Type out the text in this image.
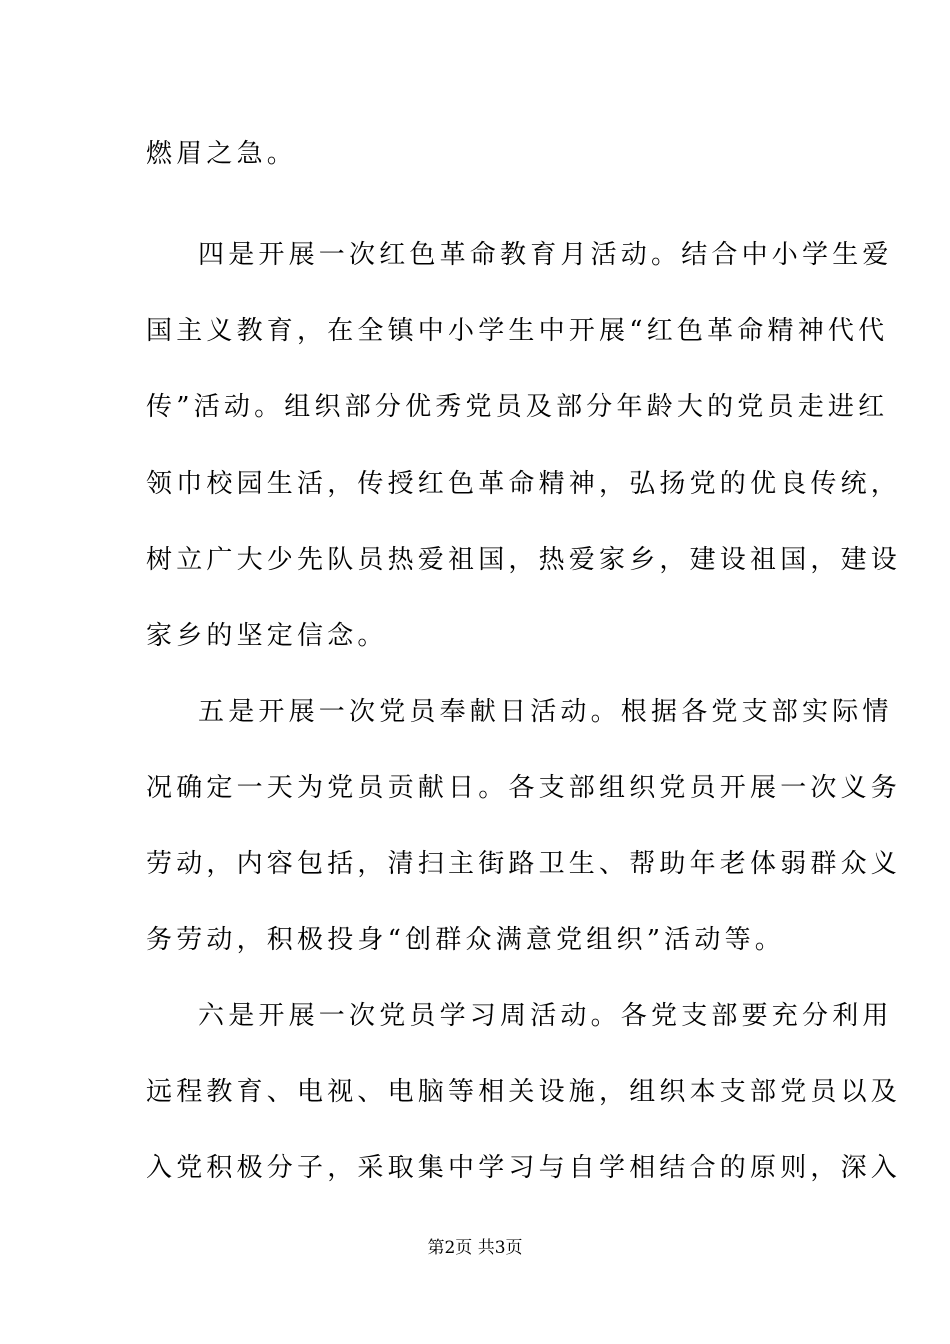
燃眉之急。
四是开展一次红色革命教育月活动。结合中小学生爱
国主义教育，在全镇中小学生中开展“红色革命精神代代
传”活动。组织部分优秀党员及部分年龄大的党员走进红
领巾校园生活，传授红色革命精神，弘扬党的优良传统，
树立广大少先队员热爱祖国，热爱家乡，建设祖国，建设
家乡的坚定信念。
五是开展一次党员奉献日活动。根据各党支部实际情
况确定一天为党员贡献日。各支部组织党员开展一次义务
劳动，内容包括，清扫主街路卫生、帮助年老体弱群众义
务劳动，积极投身“创群众满意党组织”活动等。
六是开展一次党员学习周活动。各党支部要充分利用
远程教育、电视、电脑等相关设施，组织本支部党员以及
入党积极分子，采取集中学习与自学相结合的原则，深入
第2页 共3页
